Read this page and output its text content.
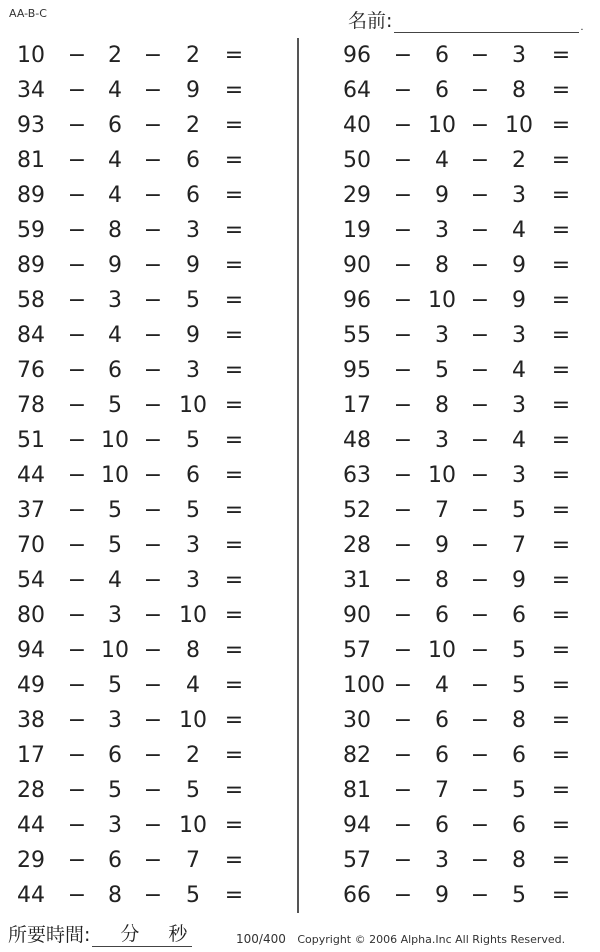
AA-B-C	名前:	.
10 − 2 −	2	=
34 − 4 −	9	=
93 − 6 −	2	=
81 − 4 −	6	=
89 − 4 −	6	=
59 − 8 −	3	=
89 − 9 −	9	=
58 − 3 −	5	=
84 − 4 −	9	=
76 − 6 −	3	=
78 − 5 − 10 =
51 − 10 −	5	=
44 − 10 −	6	=
37 − 5 −	5	=
70 − 5 −	3	=
54 − 4 −	3	=
80 − 3 − 10 =
94 − 10 −	8	=
49 − 5 −	4	=
38 − 3 − 10 =
17 − 6 −	2	=
28 − 5 −	5	=
44 − 3 − 10 =
29 − 6 −	7	=
44 − 8 −	5	=
96 −	6 −	3	=
64 −	6 −	8	=
40 − 10 − 10 =
50 −	4 −	2	=
29 −	9 −	3	=
19 −	3 −	4	=
90 −	8 −	9	=
96 − 10 −	9	=
55 −	3 −	3	=
95 −	5 −	4	=
17 −	8 −	3	=
48 −	3 −	4	=
63 − 10 −	3	=
52 −	7 −	5	=
28 −	9 −	7	=
31 −	8 −	9	=
90 −	6 −	6	=
57 − 10 −	5	=
100 −	4 −	5	=
30 −	6 −	8	=
82 −	6 −	6	=
81 −	7 −	5	=
94 −	6 −	6	=
57 −	3 −	8	=
66 −	9 −	5	=
所要時間: 分 秒	100/400 Copyright © 2006 Alpha.Inc All Rights Reserved.
